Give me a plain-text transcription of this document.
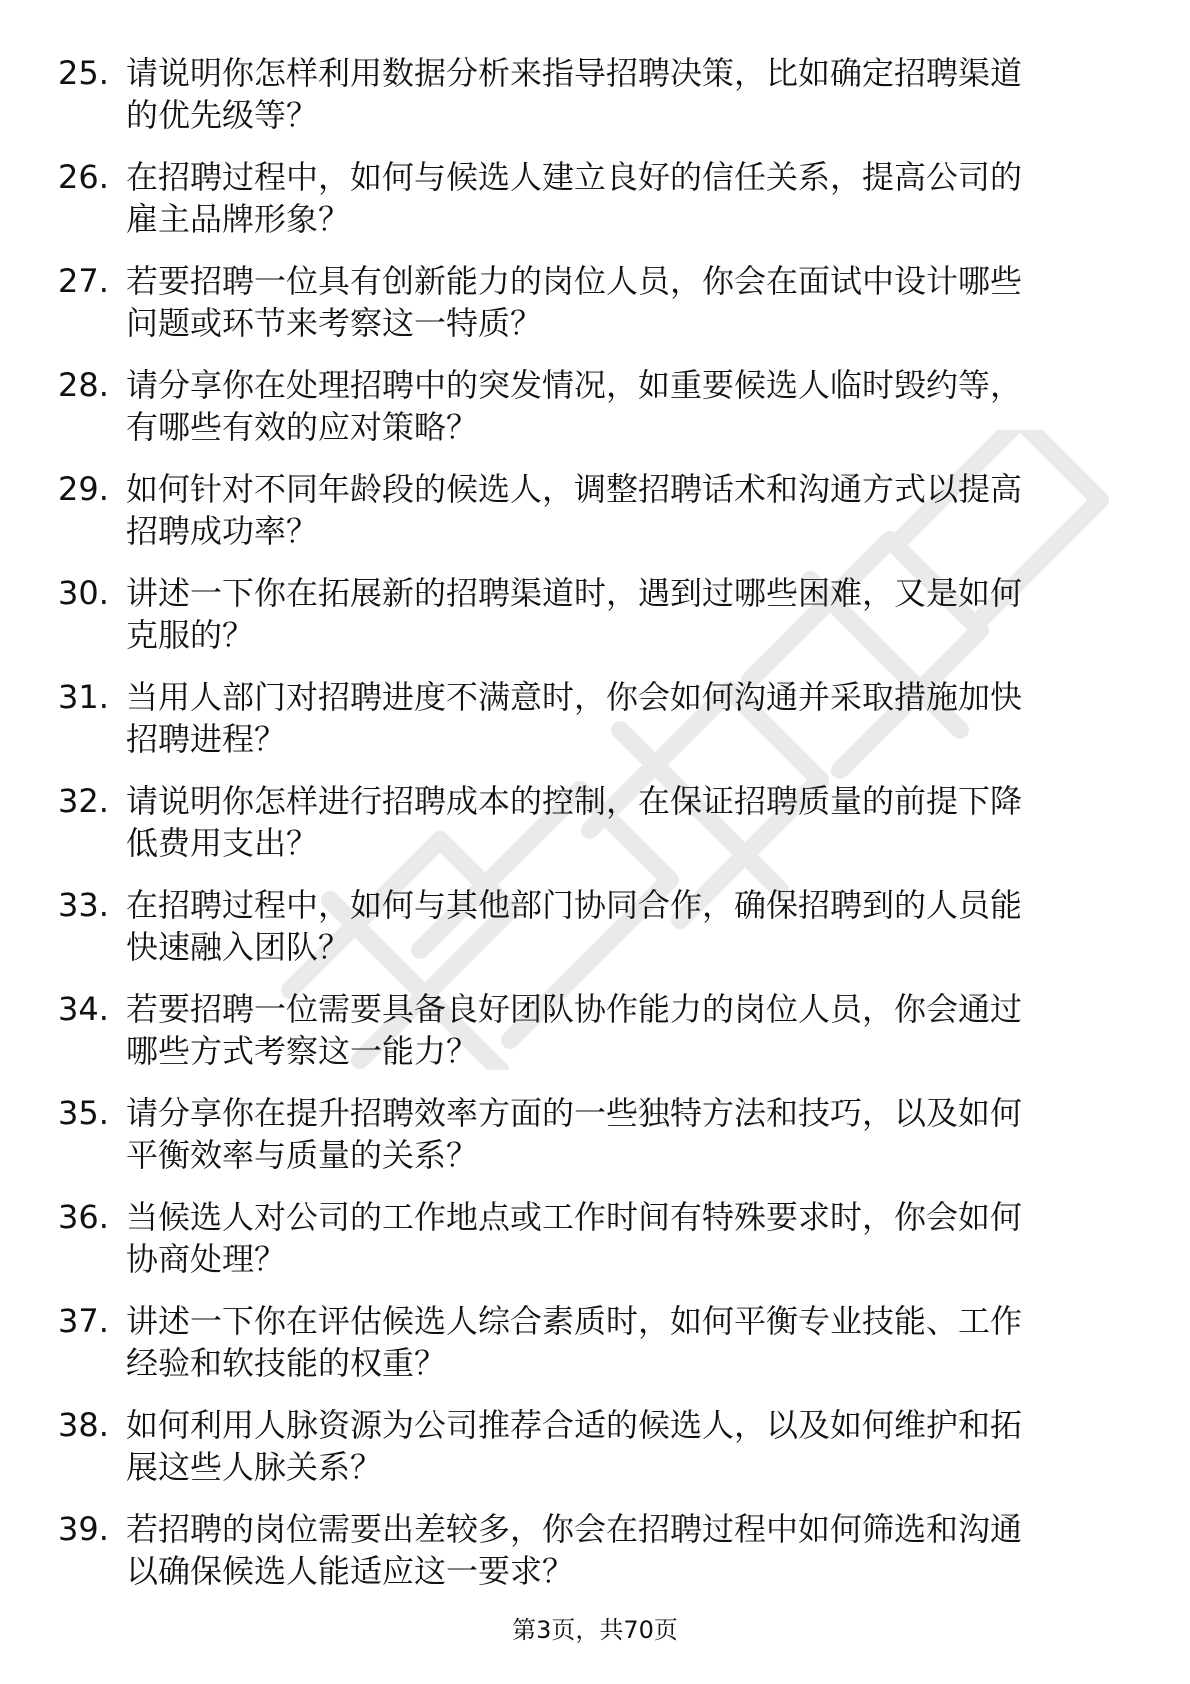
25. 请说明你怎样利用数据分析来指导招聘决策，比如确定招聘渠道
的优先级等？
26. 在招聘过程中，如何与候选人建立良好的信任关系，提高公司的
雇主品牌形象？
27. 若要招聘一位具有创新能力的岗位人员，你会在面试中设计哪些
问题或环节来考察这一特质？
28. 请分享你在处理招聘中的突发情况，如重要候选人临时毁约等，
有哪些有效的应对策略？
29. 如何针对不同年龄段的候选人，调整招聘话术和沟通方式以提高
招聘成功率？
30. 讲述一下你在拓展新的招聘渠道时，遇到过哪些困难，又是如何
克服的？
31. 当用人部门对招聘进度不满意时，你会如何沟通并采取措施加快
招聘进程？
32. 请说明你怎样进行招聘成本的控制，在保证招聘质量的前提下降
低费用支出？
33. 在招聘过程中，如何与其他部门协同合作，确保招聘到的人员能
快速融入团队？
34. 若要招聘一位需要具备良好团队协作能力的岗位人员，你会通过
哪些方式考察这一能力？
35. 请分享你在提升招聘效率方面的一些独特方法和技巧，以及如何
平衡效率与质量的关系？
36. 当候选人对公司的工作地点或工作时间有特殊要求时，你会如何
协商处理？
37. 讲述一下你在评估候选人综合素质时，如何平衡专业技能、工作
经验和软技能的权重？
38. 如何利用人脉资源为公司推荐合适的候选人，以及如何维护和拓
展这些人脉关系？
39. 若招聘的岗位需要出差较多，你会在招聘过程中如何筛选和沟通
以确保候选人能适应这一要求？
第3页，共70页
